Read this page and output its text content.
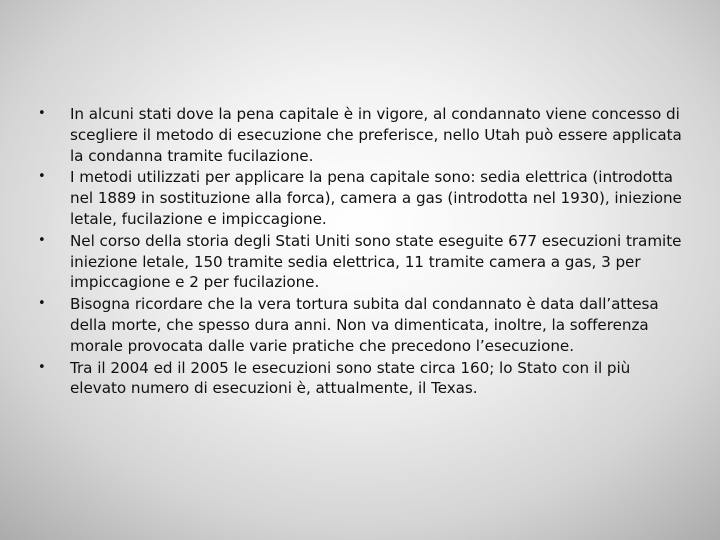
• In alcuni stati dove la pena capitale è in vigore, al condannato viene concesso di scegliere il metodo di esecuzione che preferisce, nello Utah può essere applicata la condanna tramite fucilazione.
• I metodi utilizzati per applicare la pena capitale sono: sedia elettrica (introdotta nel 1889 in sostituzione alla forca), camera a gas (introdotta nel 1930), iniezione letale, fucilazione e impiccagione.
• Nel corso della storia degli Stati Uniti sono state eseguite 677 esecuzioni tramite iniezione letale, 150 tramite sedia elettrica, 11 tramite camera a gas, 3 per impiccagione e 2 per fucilazione.
• Bisogna ricordare che la vera tortura subita dal condannato è data dall’attesa della morte, che spesso dura anni. Non va dimenticata, inoltre, la sofferenza morale provocata dalle varie pratiche che precedono l’esecuzione.
• Tra il 2004 ed il 2005 le esecuzioni sono state circa 160; lo Stato con il più elevato numero di esecuzioni è, attualmente, il Texas.
